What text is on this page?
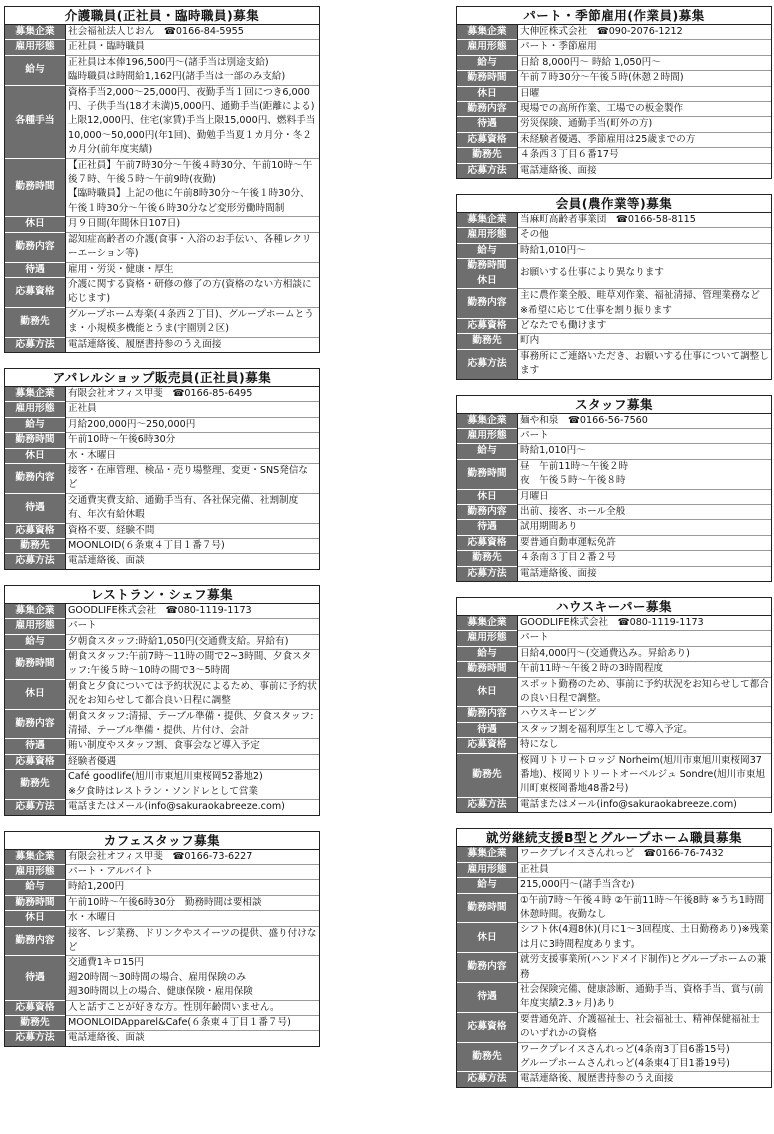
介護職員(正社員・臨時職員)募集
募集企業	社会福祉法人じおん　☎0166-84-5955
雇用形態	正社員・臨時職員
給与	正社員は本俸196,500円〜(諸手当は別途支給)
臨時職員は時間給1,162円(諸手当は一部のみ支給)
各種手当	資格手当2,000〜25,000円、夜勤手当１回につき6,000円、子供手当(18才未満)5,000円、通勤手当(距離による)上限12,000円、住宅(家賃)手当上限15,000円、燃料手当10,000〜50,000円(年1回)、勤勉手当夏１カ月分・冬２カ月分(前年度実績)
勤務時間	【正社員】午前7時30分〜午後４時30分、午前10時〜午後７時、午後５時〜午前9時(夜勤)
【臨時職員】上記の他に午前8時30分〜午後１時30分、午後１時30分〜午後６時30分など変形労働時間制
休日	月９日間(年間休日107日)
勤務内容	認知症高齢者の介護(食事・入浴のお手伝い、各種レクリーエーション等)
待遇	雇用・労災・健康・厚生
応募資格	介護に関する資格・研修の修了の方(資格のない方相談に応じます)
勤務先	グループホーム寿楽(４条西２丁目)、グループホームとうま・小規模多機能とうま(宇園別２区)
応募方法	電話連絡後、履歴書持参のうえ面接
アパレルショップ販売員(正社員)募集
募集企業	有限会社オフィス甲斐　☎0166-85-6495
雇用形態	正社員
給与	月給200,000円〜250,000円
勤務時間	午前10時〜午後6時30分
休日	水・木曜日
勤務内容	接客・在庫管理、検品・売り場整理、変更・SNS発信など
待遇	交通費実費支給、通勤手当有、各社保完備、社割制度有、年次有給休暇
応募資格	資格不要、経験不問
勤務先	MOONLOID(６条東４丁目１番７号)
応募方法	電話連絡後、面談
レストラン・シェフ募集
募集企業	GOODLIFE株式会社　☎080-1119-1173
雇用形態	パート
給与	夕朝食スタッフ:時給1,050円(交通費支給。昇給有)
勤務時間	朝食スタッフ:午前7時〜11時の間で2~3時間、夕食スタッフ:午後５時〜10時の間で3〜5時間
休日	朝食と夕食については予約状況によるため、事前に予約状況をお知らせして都合良い日程に調整
勤務内容	朝食スタッフ:清掃、テーブル準備・提供、夕食スタッフ:清掃、テーブル準備・提供、片付け、会計
待遇	賄い制度やスタッフ割、食事会など導入予定
応募資格	経験者優遇
勤務先	Café goodlife(旭川市東旭川東桜岡52番地2)
※夕食時はレストラン・ソンドレとして営業
応募方法	電話またはメール(info@sakuraokabreeze.com)
カフェスタッフ募集
募集企業	有限会社オフィス甲斐　☎0166-73-6227
雇用形態	パート・アルバイト
給与	時給1,200円
勤務時間	午前10時〜午後6時30分　勤務時間は要相談
休日	水・木曜日
勤務内容	接客、レジ業務、ドリンクやスイーツの提供、盛り付けなど
待遇	交通費1キロ15円
週20時間〜30時間の場合、雇用保険のみ
週30時間以上の場合、健康保険・雇用保険
応募資格	人と話すことが好きな方。性別年齢問いません。
勤務先	MOONLOIDApparel&Cafe(６条東４丁目１番７号)
応募方法	電話連絡後、面談
パート・季節雇用(作業員)募集
募集企業	大伸匠株式会社　☎090-2076-1212
雇用形態	パート・季節雇用
給与	日給 8,000円〜 時給 1,050円〜
勤務時間	午前７時30分〜午後５時(休憩２時間)
休日	日曜
勤務内容	現場での高所作業、工場での板金製作
待遇	労災保険、通勤手当(町外の方)
応募資格	未経験者優遇、季節雇用は25歳までの方
勤務先	４条西３丁目６番17号
応募方法	電話連絡後、面接
会員(農作業等)募集
募集企業	当麻町高齢者事業団　☎0166-58-8115
雇用形態	その他
給与	時給1,010円〜
勤務時間
休日	お願いする仕事により異なります
勤務内容	主に農作業全般、畦草刈作業、福祉清掃、管理業務など
※希望に応じて仕事を割り振ります
応募資格	どなたでも働けます
勤務先	町内
応募方法	事務所にご連絡いただき、お願いする仕事について調整します
スタッフ募集
募集企業	麺や和泉　☎0166-56-7560
雇用形態	パート
給与	時給1,010円〜
勤務時間	昼　午前11時〜午後２時
夜　午後５時〜午後８時
休日	月曜日
勤務内容	出前、接客、ホール全般
待遇	試用期間あり
応募資格	要普通自動車運転免許
勤務先	４条南３丁目２番２号
応募方法	電話連絡後、面接
ハウスキーパー募集
募集企業	GOODLIFE株式会社　☎080-1119-1173
雇用形態	パート
給与	日給4,000円〜(交通費込み。昇給あり)
勤務時間	午前11時〜午後２時の3時間程度
休日	スポット勤務のため、事前に予約状況をお知らせして都合の良い日程で調整。
勤務内容	ハウスキーピング
待遇	スタッフ割を福利厚生として導入予定。
応募資格	特になし
勤務先	桜岡リトリートロッジ Norheim(旭川市東旭川東桜岡37番地)、桜岡リトリートオーベルジュ Sondre(旭川市東旭川町東桜岡番地48番2号)
応募方法	電話またはメール(info@sakuraokabreeze.com)
就労継続支援B型とグループホーム職員募集
募集企業	ワークプレイスさんれっど　☎0166-76-7432
雇用形態	正社員
給与	215,000円〜(諸手当含む)
勤務時間	①午前7時〜午後４時 ②午前11時〜午後8時 ※うち1時間休憩時間。夜勤なし
休日	シフト休(4週8休)(月に1〜3回程度、土日勤務あり)※残業は月に3時間程度あります。
勤務内容	就労支援事業所(ハンドメイド制作)とグループホームの兼務
待遇	社会保険完備、健康診断、通勤手当、資格手当、賞与(前年度実績2.3ヶ月)あり
応募資格	要普通免許、介護福祉士、社会福祉士、精神保健福祉士のいずれかの資格
勤務先	ワークプレイスさんれっど(4条南3丁目6番15号)
グループホームさんれっど(4条東4丁目1番19号)
応募方法	電話連絡後、履歴書持参のうえ面接
